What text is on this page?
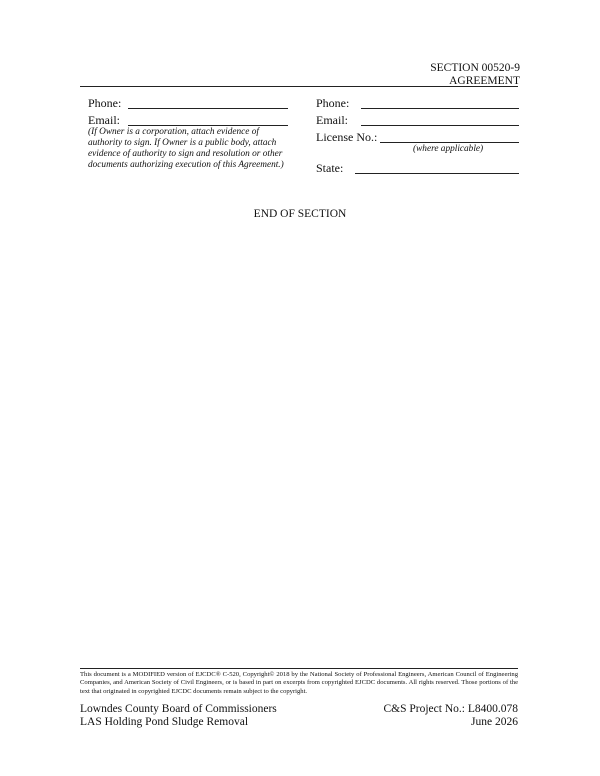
SECTION 00520-9
AGREEMENT
Phone:
Email:
(If Owner is a corporation, attach evidence of authority to sign. If Owner is a public body, attach evidence of authority to sign and resolution or other documents authorizing execution of this Agreement.)
Phone:
Email:
License No.:
(where applicable)
State:
END OF SECTION
This document is a MODIFIED version of EJCDC® C-520, Copyright© 2018 by the National Society of Professional Engineers, American Council of Engineering Companies, and American Society of Civil Engineers, or is based in part on excerpts from copyrighted EJCDC documents. All rights reserved. Those portions of the text that originated in copyrighted EJCDC documents remain subject to the copyright.
Lowndes County Board of Commissioners
LAS Holding Pond Sludge Removal
C&S Project No.: L8400.078
June 2026
